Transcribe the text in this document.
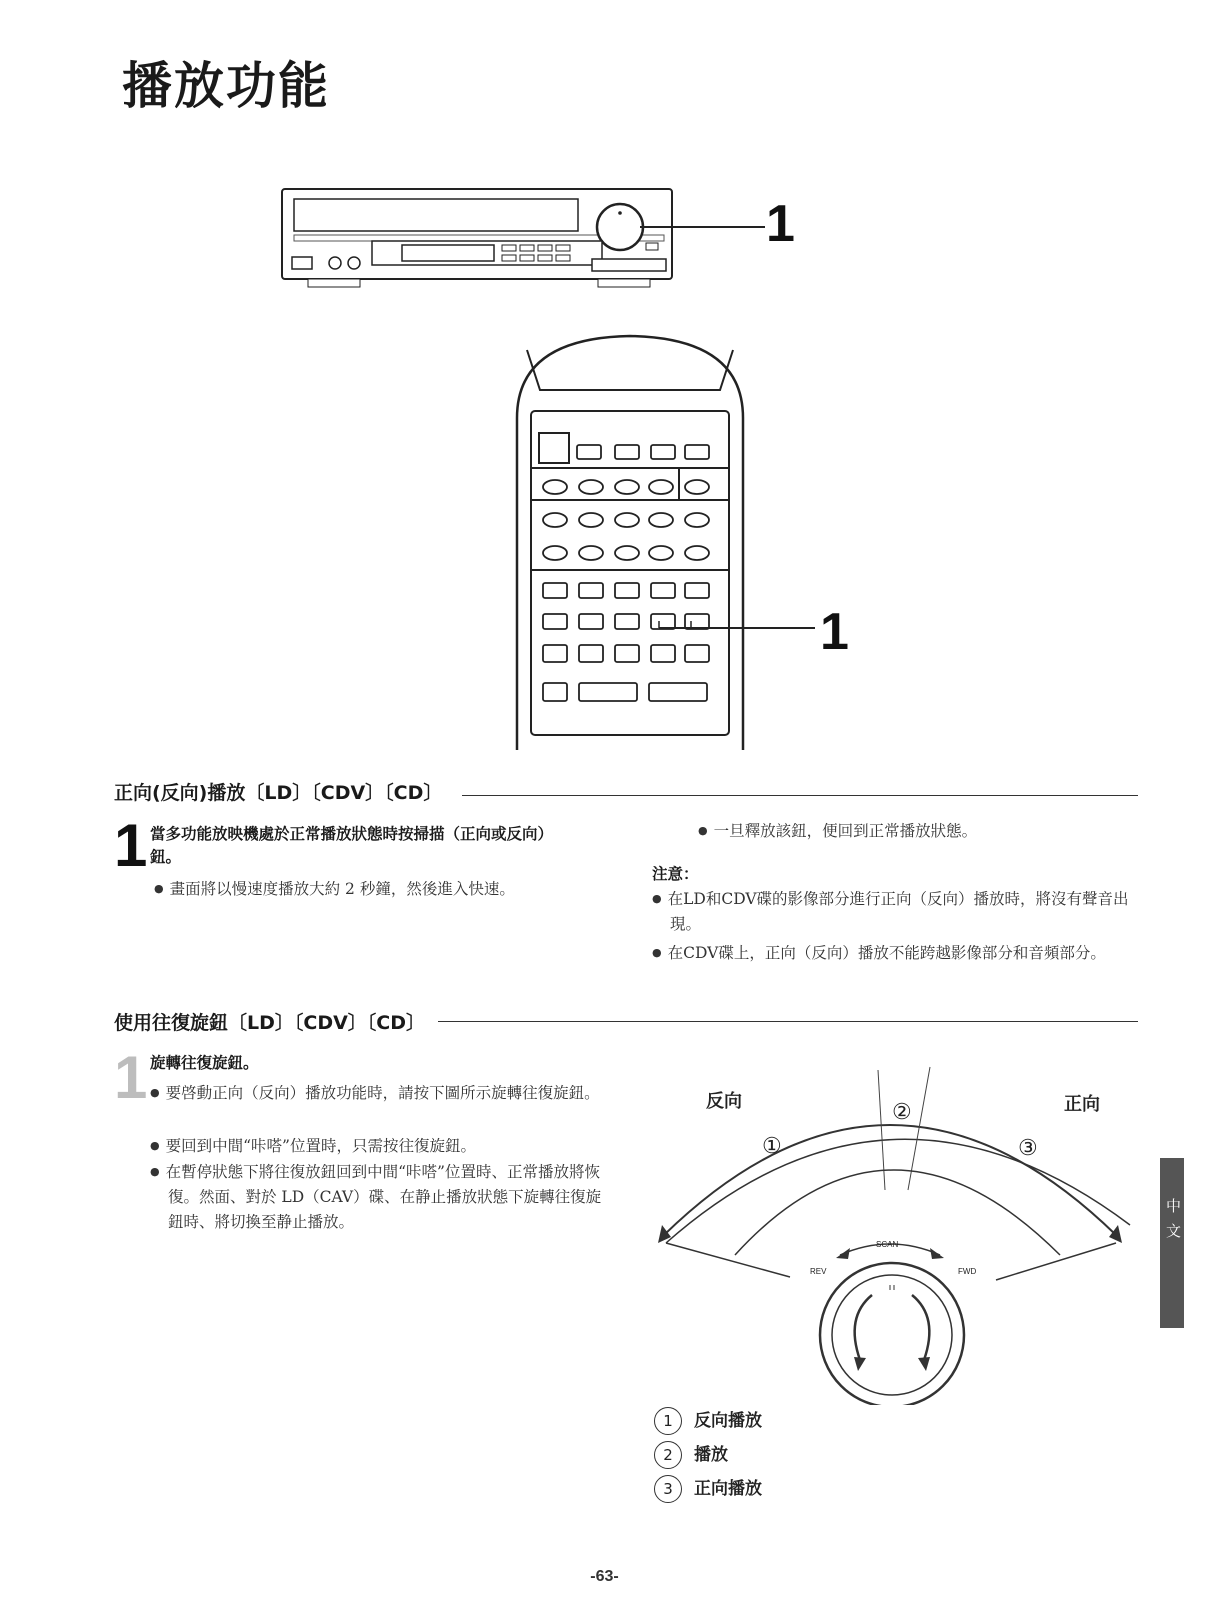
播放功能
1
1
正向(反向)播放〔LD〕〔CDV〕〔CD〕
1 當多功能放映機處於正常播放狀態時按掃描（正向或反向）鈕。
● 畫面將以慢速度播放大約 2 秒鐘，然後進入快速。
● 一旦釋放該鈕，便回到正常播放狀態。
注意：
● 在LD和CDV碟的影像部分進行正向（反向）播放時，將沒有聲音出現。
● 在CDV碟上，正向（反向）播放不能跨越影像部分和音頻部分。
使用往復旋鈕〔LD〕〔CDV〕〔CD〕
1 旋轉往復旋鈕。
● 要啓動正向（反向）播放功能時，請按下圖所示旋轉往復旋鈕。
● 要回到中間“咔嗒”位置時，只需按往復旋鈕。
● 在暫停狀態下將往復放鈕回到中間“咔嗒”位置時、正常播放將恢復。然面、對於 LD（CAV）碟、在静止播放狀態下旋轉往復旋鈕時、將切換至静止播放。
反向	正向
①
②
③
SCAN
REV	FWD
1 反向播放
2 播放
3 正向播放
中文
-63-
